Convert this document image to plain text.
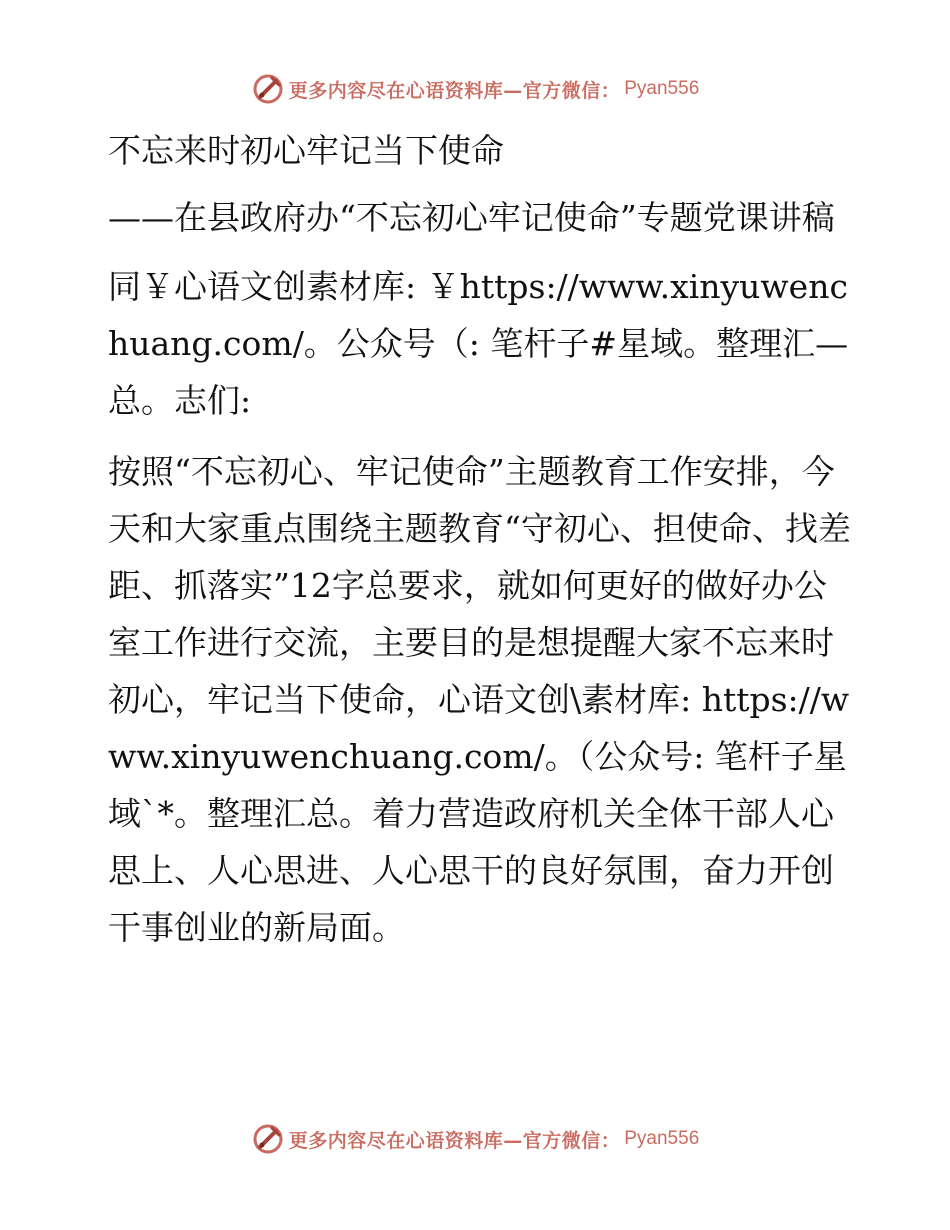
更多内容尽在心语资料库—官方微信： Pyan556

不忘来时初心牢记当下使命

——在县政府办“不忘初心牢记使命”专题党课讲稿

同￥心语文创素材库: ￥https://www.xinyuwenchuang.com/。公众号（: 笔杆子#星域。整理汇—总。志们:

按照“不忘初心、牢记使命”主题教育工作安排，今天和大家重点围绕主题教育“守初心、担使命、找差距、抓落实”12字总要求，就如何更好的做好办公室工作进行交流，主要目的是想提醒大家不忘来时初心，牢记当下使命，心语文创\素材库: https://www.xinyuwenchuang.com/。（公众号: 笔杆子星域`*。整理汇总。着力营造政府机关全体干部人心思上、人心思进、人心思干的良好氛围，奋力开创干事创业的新局面。

更多内容尽在心语资料库—官方微信： Pyan556
